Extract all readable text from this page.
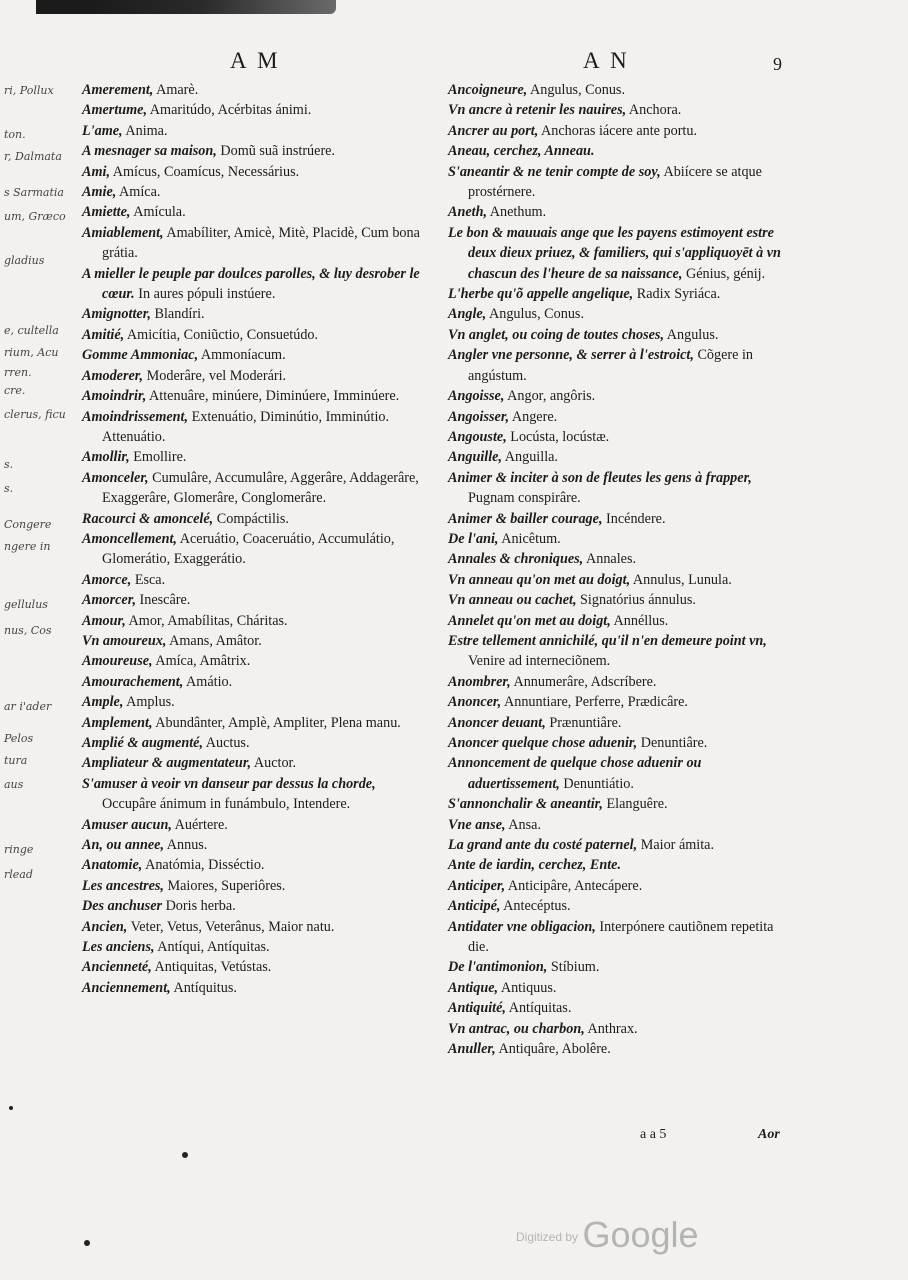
ri, Pollux
ton.
r, Dalmata
s Sarmatia
um, Græco
gladius
e, cultella
rium, Acu
rren.
cre.
clerus, ficu
s.
s.
Congere
ngere in
gellulus
nus, Cos
ar i'ader
Pelos
tura
aus
ringe
rlead
A M	A N	9

Amerement, Amarè.

Amertume, Amaritúdo, Acérbitas ánimi.

L'ame, Anima.

A mesnager sa maison, Domũ suã instrúere.

Ami, Amícus, Coamícus, Necessárius.

Amie, Amíca.

Amiette, Amícula.

Amiablement, Amabíliter, Amicè, Mitè, Placidè, Cum bona grátia.

A mieller le peuple par doulces parolles, & luy desrober le cœur. In aures pópuli instúere.

Amignotter, Blandíri.

Amitié, Amicítia, Coniũctio, Consuetúdo.

Gomme Ammoniac, Ammoníacum.

Amoderer, Moderâre, vel Moderári.

Amoindrir, Attenuâre, minúere, Diminúere, Imminúere.

Amoindrissement, Extenuátio, Diminútio, Imminútio. Attenuátio.

Amollir, Emollire.

Amonceler, Cumulâre, Accumulâre, Aggerâre, Addagerâre, Exaggerâre, Glomerâre, Conglomerâre.

Racourci & amoncelé, Compáctilis.

Amoncellement, Aceruátio, Coaceruátio, Accumulátio, Glomerátio, Exaggerátio.

Amorce, Esca.

Amorcer, Inescâre.

Amour, Amor, Amabílitas, Cháritas.

Vn amoureux, Amans, Amâtor.

Amoureuse, Amíca, Amâtrix.

Amourachement, Amátio.

Ample, Amplus.

Amplement, Abundânter, Amplè, Ampliter, Plena manu.

Amplié & augmenté, Auctus.

Ampliateur & augmentateur, Auctor.

S'amuser à veoir vn danseur par dessus la chorde, Occupâre ánimum in funámbulo, Intendere.

Amuser aucun, Auértere.

An, ou annee, Annus.

Anatomie, Anatómia, Disséctio.

Les ancestres, Maiores, Superiôres.

Des anchuser Doris herba.

Ancien, Veter, Vetus, Veterânus, Maior natu.

Les anciens, Antíqui, Antíquitas.

Ancienneté, Antiquitas, Vetústas.

Anciennement, Antíquitus.

Ancoigneure, Angulus, Conus.

Vn ancre à retenir les nauires, Anchora.

Ancrer au port, Anchoras iácere ante portu.

Aneau, cerchez, Anneau.

S'aneantir & ne tenir compte de soy, Abiícere se atque prostérnere.

Aneth, Anethum.

Le bon & mauuais ange que les payens estimoyent estre deux dieux priuez, & familiers, qui s'appliquoyēt à vn chascun des l'heure de sa naissance, Génius, génij.

L'herbe qu'õ appelle angelique, Radix Syriáca.

Angle, Angulus, Conus.

Vn anglet, ou coing de toutes choses, Angulus.

Angler vne personne, & serrer à l'estroict, Cõgere in angústum.

Angoisse, Angor, angôris.

Angoisser, Angere.

Angouste, Locústa, locústæ.

Anguille, Anguilla.

Animer & inciter à son de fleutes les gens à frapper, Pugnam conspirâre.

Animer & bailler courage, Incéndere.

De l'ani, Anicêtum.

Annales & chroniques, Annales.

Vn anneau qu'on met au doigt, Annulus, Lunula.

Vn anneau ou cachet, Signatórius ánnulus.

Annelet qu'on met au doigt, Annéllus.

Estre tellement annichilé, qu'il n'en demeure point vn, Venire ad interneciõnem.

Anombrer, Annumerâre, Adscríbere.

Anoncer, Annuntiare, Perferre, Prædicâre.

Anoncer deuant, Prænuntiâre.

Anoncer quelque chose aduenir, Denuntiâre.

Annoncement de quelque chose aduenir ou aduertissement, Denuntiátio.

S'annonchalir & aneantir, Elanguêre.

Vne anse, Ansa.

La grand ante du costé paternel, Maior ámita.

Ante de iardin, cerchez, Ente.

Anticiper, Anticipâre, Antecápere.

Anticipé, Antecéptus.

Antidater vne obligacion, Interpónere cautiõnem repetita die.

De l'antimonion, Stíbium.

Antique, Antiquus.

Antiquité, Antíquitas.

Vn antrac, ou charbon, Anthrax.

Anuller, Antiquâre, Abolêre.

a a 5	Aor
$^{Digitized by}$ Google
